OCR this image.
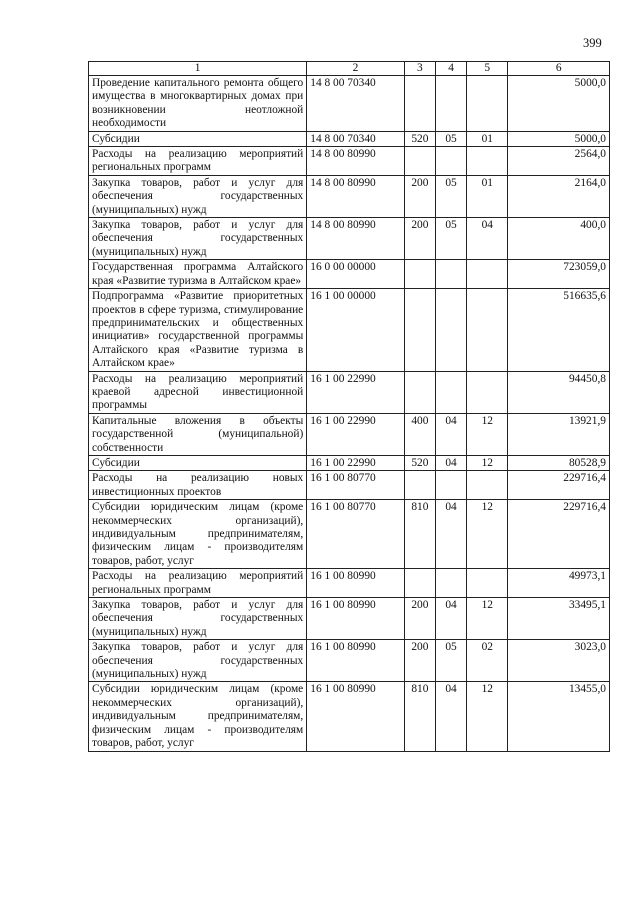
399
1	2	3	4	5	6
Проведение капитального ремонта общего имущества в многоквартирных домах при возникновении неотложной необходимости	14 8 00 70340				5000,0
Субсидии	14 8 00 70340	520	05	01	5000,0
Расходы на реализацию мероприятий региональных программ	14 8 00 80990				2564,0
Закупка товаров, работ и услуг для обеспечения государственных (муниципальных) нужд	14 8 00 80990	200	05	01	2164,0
Закупка товаров, работ и услуг для обеспечения государственных (муниципальных) нужд	14 8 00 80990	200	05	04	400,0
Государственная программа Алтайского края «Развитие туризма в Алтайском крае»	16 0 00 00000				723059,0
Подпрограмма «Развитие приоритетных проектов в сфере туризма, стимулирование предпринимательских и общественных инициатив» государственной программы Алтайского края «Развитие туризма в Алтайском крае»	16 1 00 00000				516635,6
Расходы на реализацию мероприятий краевой адресной инвестиционной программы	16 1 00 22990				94450,8
Капитальные вложения в объекты государственной (муниципальной) собственности	16 1 00 22990	400	04	12	13921,9
Субсидии	16 1 00 22990	520	04	12	80528,9
Расходы на реализацию новых инвестиционных проектов	16 1 00 80770				229716,4
Субсидии юридическим лицам (кроме некоммерческих организаций), индивидуальным предпринимателям, физическим лицам - производителям товаров, работ, услуг	16 1 00 80770	810	04	12	229716,4
Расходы на реализацию мероприятий региональных программ	16 1 00 80990				49973,1
Закупка товаров, работ и услуг для обеспечения государственных (муниципальных) нужд	16 1 00 80990	200	04	12	33495,1
Закупка товаров, работ и услуг для обеспечения государственных (муниципальных) нужд	16 1 00 80990	200	05	02	3023,0
Субсидии юридическим лицам (кроме некоммерческих организаций), индивидуальным предпринимателям, физическим лицам - производителям товаров, работ, услуг	16 1 00 80990	810	04	12	13455,0
